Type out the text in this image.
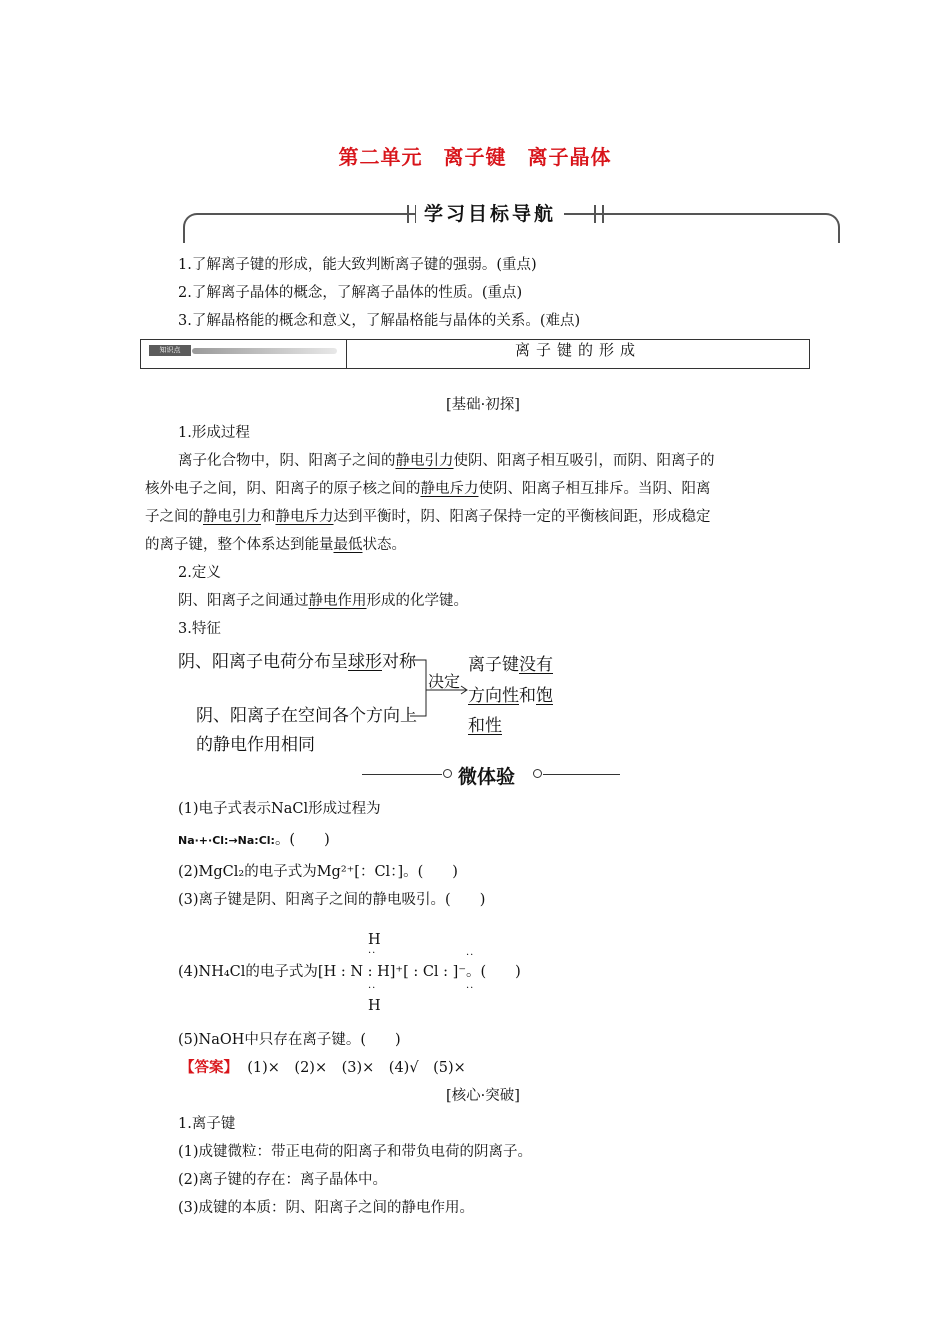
第二单元　离子键　离子晶体
学习目标导航
1.了解离子键的形成，能大致判断离子键的强弱。(重点)
2.了解离子晶体的概念，了解离子晶体的性质。(重点)
3.了解晶格能的概念和意义，了解晶格能与晶体的关系。(难点)
知识点	离子键的形成
[基础·初探]
1.形成过程
离子化合物中，阴、阳离子之间的静电引力使阴、阳离子相互吸引，而阴、阳离子的
核外电子之间，阴、阳离子的原子核之间的静电斥力使阴、阳离子相互排斥。当阴、阳离
子之间的静电引力和静电斥力达到平衡时，阴、阳离子保持一定的平衡核间距，形成稳定
的离子键，整个体系达到能量最低状态。
2.定义
阴、阳离子之间通过静电作用形成的化学键。
3.特征
阴、阳离子电荷分布呈球形对称
阴、阳离子在空间各个方向上
的静电作用相同
决定
离子键没有
方向性和饱
和性
微体验
(1)电子式表示NaCl形成过程为
Na·+·Cl:→Na:Cl:。(　　)
(2)MgCl₂的电子式为Mg²⁺[：Cl：]。(　　)
(3)离子键是阴、阳离子之间的静电吸引。(　　)
H
··	··
(4)NH₄Cl的电子式为[H : N : H]⁺[ : Cl : ]⁻。(　　)
··	··
H
(5)NaOH中只存在离子键。(　　)
【答案】 (1)×　(2)×　(3)×　(4)√　(5)×
[核心·突破]
1.离子键
(1)成键微粒：带正电荷的阳离子和带负电荷的阴离子。
(2)离子键的存在：离子晶体中。
(3)成键的本质：阴、阳离子之间的静电作用。
